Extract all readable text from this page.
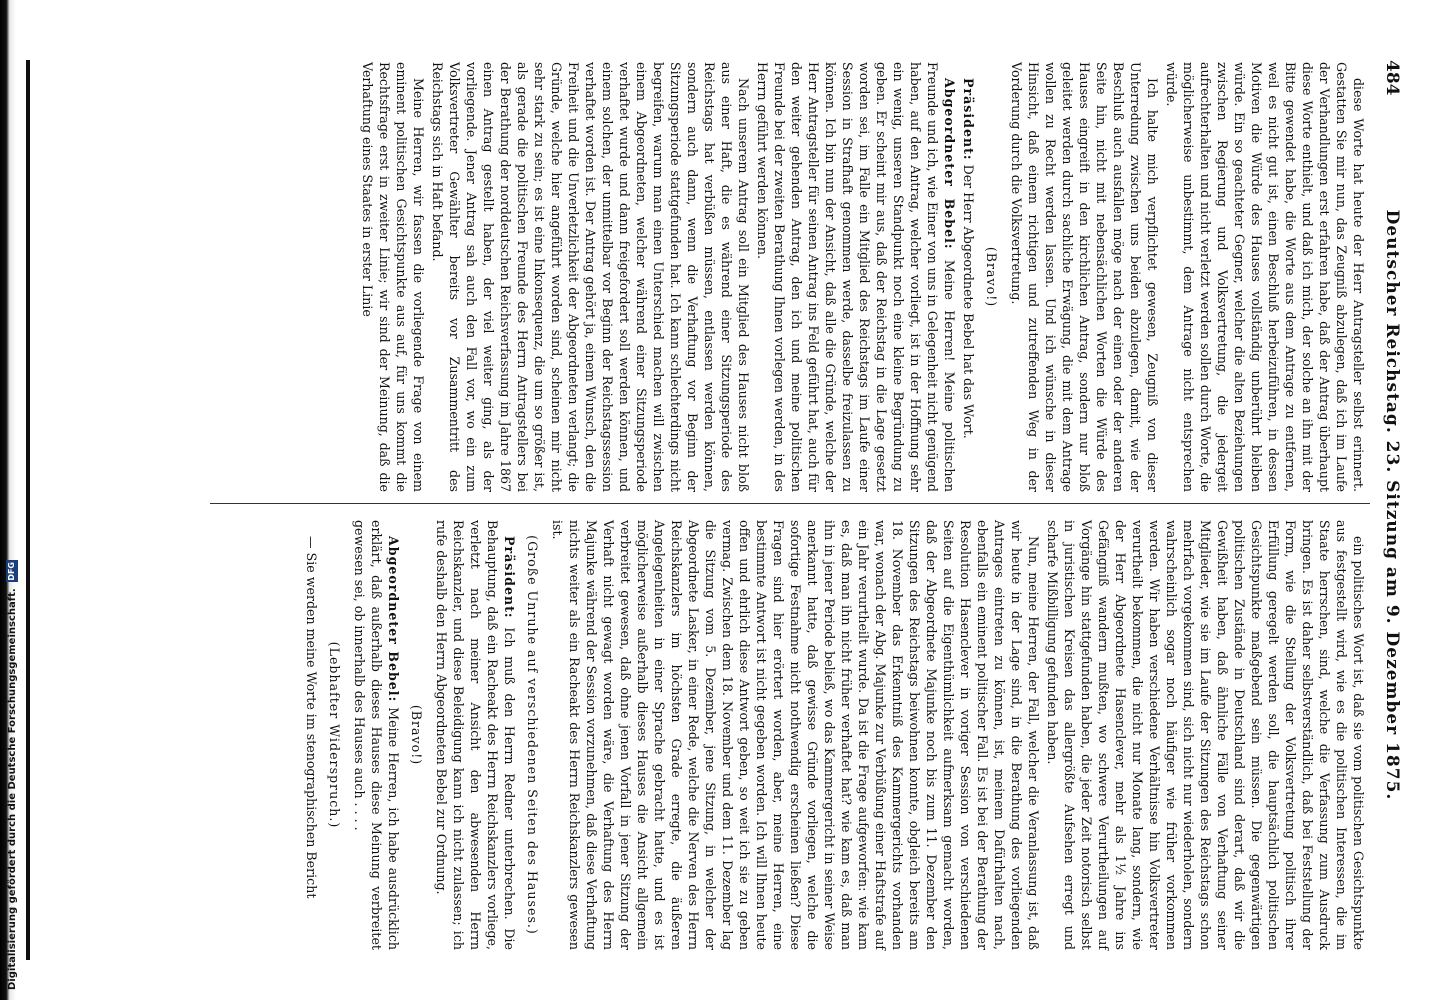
484
Deutscher Reichstag. 23. Sitzung am 9. Dezember 1875.

diese Worte hat heute der Herr Antragsteller selbst erinnert. Gestatten Sie mir nun, das Zeugniß abzulegen, daß ich im Laufe der Verhandlungen erst erfahren habe, daß der Antrag überhaupt diese Worte enthielt, und daß ich mich, der solche an ihn mit der Bitte gewendet habe, die Worte aus dem Antrage zu entfernen, weil es nicht gut ist, einen Beschluß herbeizuführen, in dessen Motiven die Würde des Hauses vollständig unberührt bleiben würde. Ein so geachteter Gegner, welcher die alten Beziehungen zwischen Regierung und Volksvertretung, die jedergeit aufrechterhalten und nicht verletzt werden sollen durch Worte, die möglicherweise unbestimmt, dem Antrage nicht entsprechen würde.

Ich halte mich verpflichtet gewesen, Zeugniß von dieser Unterredung zwischen uns beiden abzulegen, damit, wie der Beschluß auch ausfallen möge nach der einen oder der anderen Seite hin, nicht mit nebensächlichen Worten die Würde des Hauses eingreift in den kirchlichen Antrag, sondern nur bloß geleitet werden durch sachliche Erwägung, die mit dem Antrage wollen zu Recht werden lassen. Und ich wünsche in dieser Hinsicht, daß einem richtigen und zutreffenden Weg in der Vorderung durch die Volksvertretung.

(Bravo!)

Präsident: Der Herr Abgeordnete Bebel hat das Wort.

Abgeordneter Bebel: Meine Herren! Meine politischen Freunde und ich, wie Einer von uns in Gelegenheit nicht genügend haben, auf den Antrag, welcher vorliegt, ist in der Hoffnung sehr ein wenig, unseren Standpunkt noch eine kleine Begründung zu geben. Er scheint mir aus, daß der Reichstag in die Lage gesetzt worden sei, im Falle ein Mitglied des Reichstags im Laufe einer Session in Strafhaft genommen werde, dasselbe freizulassen zu können. Ich bin nun der Ansicht, daß alle die Gründe, welche der Herr Antragsteller für seinen Antrag ins Feld geführt hat, auch für den weiter gehenden Antrag, den ich und meine politischen Freunde bei der zweiten Berathung Ihnen vorlegen werden, in des Herrn geführt werden können.

Nach unserem Antrag soll ein Mitglied des Hauses nicht bloß aus einer Haft, die es während einer Sitzungsperiode des Reichstags hat verbüßen müssen, entlassen werden können, sondern auch dann, wenn die Verhaftung vor Beginn der Sitzungsperiode stattgefunden hat. Ich kann schlechterdings nicht begreifen, warum man einen Unterschied machen will zwischen einem Abgeordneten, welcher während einer Sitzungsperiode verhaftet wurde und dann freigefordert soll werden können, und einem solchen, der unmittelbar vor Beginn der Reichstagssession verhaftet worden ist. Der Antrag gehört ja, einem Wunsch, den die Freiheit und die Unverletzlichkeit der Abgeordneten verlangt; die Gründe, welche hier angeführt worden sind, scheinen mir nicht sehr stark zu sein; es ist eine Inkonsequenz, die um so größer ist, als gerade die politischen Freunde des Herrn Antragstellers bei der Berathung der norddeutschen Reichsverfassung im Jahre 1867 einen Antrag gestellt haben, der viel weiter ging, als der vorliegende. Jener Antrag sah auch den Fall vor, wo ein zum Volksvertreter Gewählter bereits vor Zusammentritt des Reichstags sich in Haft befand.

Meine Herren, wir fassen die vorliegende Frage von einem eminent politischen Gesichtspunkte aus auf, für uns kommt die Rechtsfrage erst in zweiter Linie; wir sind der Meinung, daß die Verhaftung eines Staates in erster Linie

ein politisches Wort ist, daß sie vom politischen Gesichtspunkte aus festgestellt wird, wie es die politischen Interessen, die im Staate herrschen, sind, welche die Verfassung zum Ausdruck bringen. Es ist daher selbstverständlich, daß bei Feststellung der Form, wie die Stellung der Volksvertretung politisch ihrer Erfüllung geregelt werden soll, die hauptsächlich politischen Gesichtspunkte maßgebend sein müssen. Die gegenwärtigen politischen Zustände in Deutschland sind derart, daß wir die Gewißheit haben, daß ähnliche Fälle von Verhaftung seiner Mitglieder, wie sie im Laufe der Sitzungen des Reichstags schon mehrfach vorgekommen sind, sich nicht nur wiederholen, sondern wahrscheinlich sogar noch häufiger wie früher vorkommen werden. Wir haben verschiedene Verhältnisse hin Volksvertreter verurtheilt bekommen, die nicht nur Monate lang, sondern, wie der Herr Abgeordnete Hasenclever, mehr als 1½ Jahre ins Gefängniß wandern mußten, wo schwere Verurtheilungen auf Vorgänge hin stattgefunden haben, die jeder Zeit notorisch selbst in juristischen Kreisen das allergrößte Aufsehen erregt und scharfe Mißbilligung gefunden haben.

Nun, meine Herren, der Fall, welcher die Veranlassung ist, daß wir heute in der Lage sind, in die Berathung des vorliegenden Antrages eintreten zu können, ist, meinem Dafürhalten nach, ebenfalls ein eminent politischer Fall. Es ist bei der Berathung der Resolution Hasenclever in voriger Session von verschiedenen Seiten auf die Eigenthümlichkeit aufmerksam gemacht worden, daß der Abgeordnete Majunke noch bis zum 11. Dezember den Sitzungen des Reichstags beiwohnen konnte, obgleich bereits am 18. November das Erkenntniß des Kammergerichts vorhanden war, wonach der Abg. Majunke zur Verbüßung einer Haftstrafe auf ein Jahr verurtheilt wurde. Da ist die Frage aufgeworfen: wie kam es, daß man ihn nicht früher verhaftet hat? wie kam es, daß man ihn in jener Periode beließ, wo das Kammergericht in seiner Weise anerkannt hatte, daß gewisse Gründe vorliegen, welche die sofortige Festnahme nicht nothwendig erscheinen ließen? Diese Fragen sind hier erörtert worden, aber, meine Herren, eine bestimmte Antwort ist nicht gegeben worden. Ich will Ihnen heute offen und ehrlich diese Antwort geben, so weit ich sie zu geben vermag. Zwischen dem 18. November und dem 11. Dezember lag die Sitzung vom 5. Dezember, jene Sitzung, in welcher der Abgeordnete Lasker, in einer Rede, welche die Nerven des Herrn Reichskanzlers im höchsten Grade erregte, die äußeren Angelegenheiten in einer Sprache gebracht hatte, und es ist möglicherweise außerhalb dieses Hauses die Ansicht allgemein verbreitet gewesen, daß ohne jenen Vorfall in jener Sitzung der Verhaft nicht gewagt worden wäre, die Verhaftung des Herrn Majunke während der Session vorzunehmen, daß diese Verhaftung nichts weiter als ein Racheakt des Herrn Reichskanzlers gewesen ist.

(Große Unruhe auf verschiedenen Seiten des Hauses.)

Präsident: Ich muß den Herrn Redner unterbrechen. Die Behauptung, daß ein Racheakt des Herrn Reichskanzlers vorliege, verletzt nach meiner Ansicht den abwesenden Herrn Reichskanzler, und diese Beleidigung kann ich nicht zulassen; ich rufe deshalb den Herrn Abgeordneten Bebel zur Ordnung.

(Bravo!)

Abgeordneter Bebel: Meine Herren, ich habe ausdrücklich erklärt, daß außerhalb dieses Hauses diese Meinung verbreitet gewesen sei, ob innerhalb des Hauses auch . . . .

(Lebhafter Widerspruch.)

— Sie werden meine Worte im stenographischen Bericht

Digitalisierung gefördert durch die Deutsche Forschungsgemeinschaft.
DFG
